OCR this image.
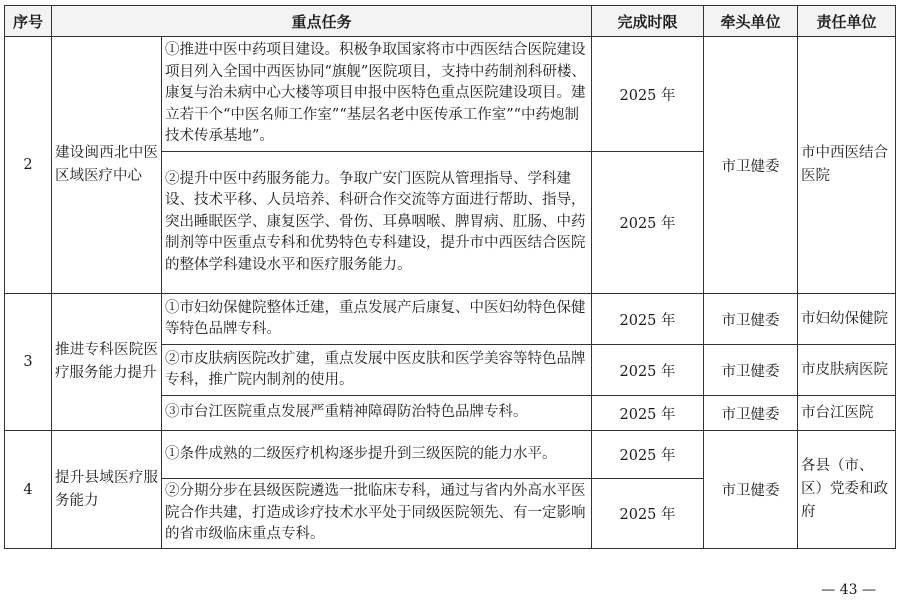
序号	重点任务		完成时限	牵头单位	责任单位
2	建设闽西北中医区域医疗中心	①推进中医中药项目建设。积极争取国家将市中西医结合医院建设项目列入全国中西医协同“旗舰”医院项目，支持中药制剂科研楼、康复与治未病中心大楼等项目申报中医特色重点医院建设项目。建立若干个“中医名师工作室”“基层名老中医传承工作室”“中药炮制技术传承基地”。	2025 年	市卫健委	市中西医结合医院
		②提升中医中药服务能力。争取广安门医院从管理指导、学科建设、技术平移、人员培养、科研合作交流等方面进行帮助、指导，突出睡眠医学、康复医学、骨伤、耳鼻咽喉、脾胃病、肛肠、中药制剂等中医重点专科和优势特色专科建设，提升市中西医结合医院的整体学科建设水平和医疗服务能力。	2025 年		
3	推进专科医院医疗服务能力提升	①市妇幼保健院整体迁建，重点发展产后康复、中医妇幼特色保健等特色品牌专科。	2025 年	市卫健委	市妇幼保健院
		②市皮肤病医院改扩建，重点发展中医皮肤和医学美容等特色品牌专科，推广院内制剂的使用。	2025 年	市卫健委	市皮肤病医院
		③市台江医院重点发展严重精神障碍防治特色品牌专科。	2025 年	市卫健委	市台江医院
4	提升县域医疗服务能力	①条件成熟的二级医疗机构逐步提升到三级医院的能力水平。	2025 年	市卫健委	各县（市、区）党委和政府
		②分期分步在县级医院遴选一批临床专科，通过与省内外高水平医院合作共建，打造成诊疗技术水平处于同级医院领先、有一定影响的省市级临床重点专科。	2025 年		
— 43 —
